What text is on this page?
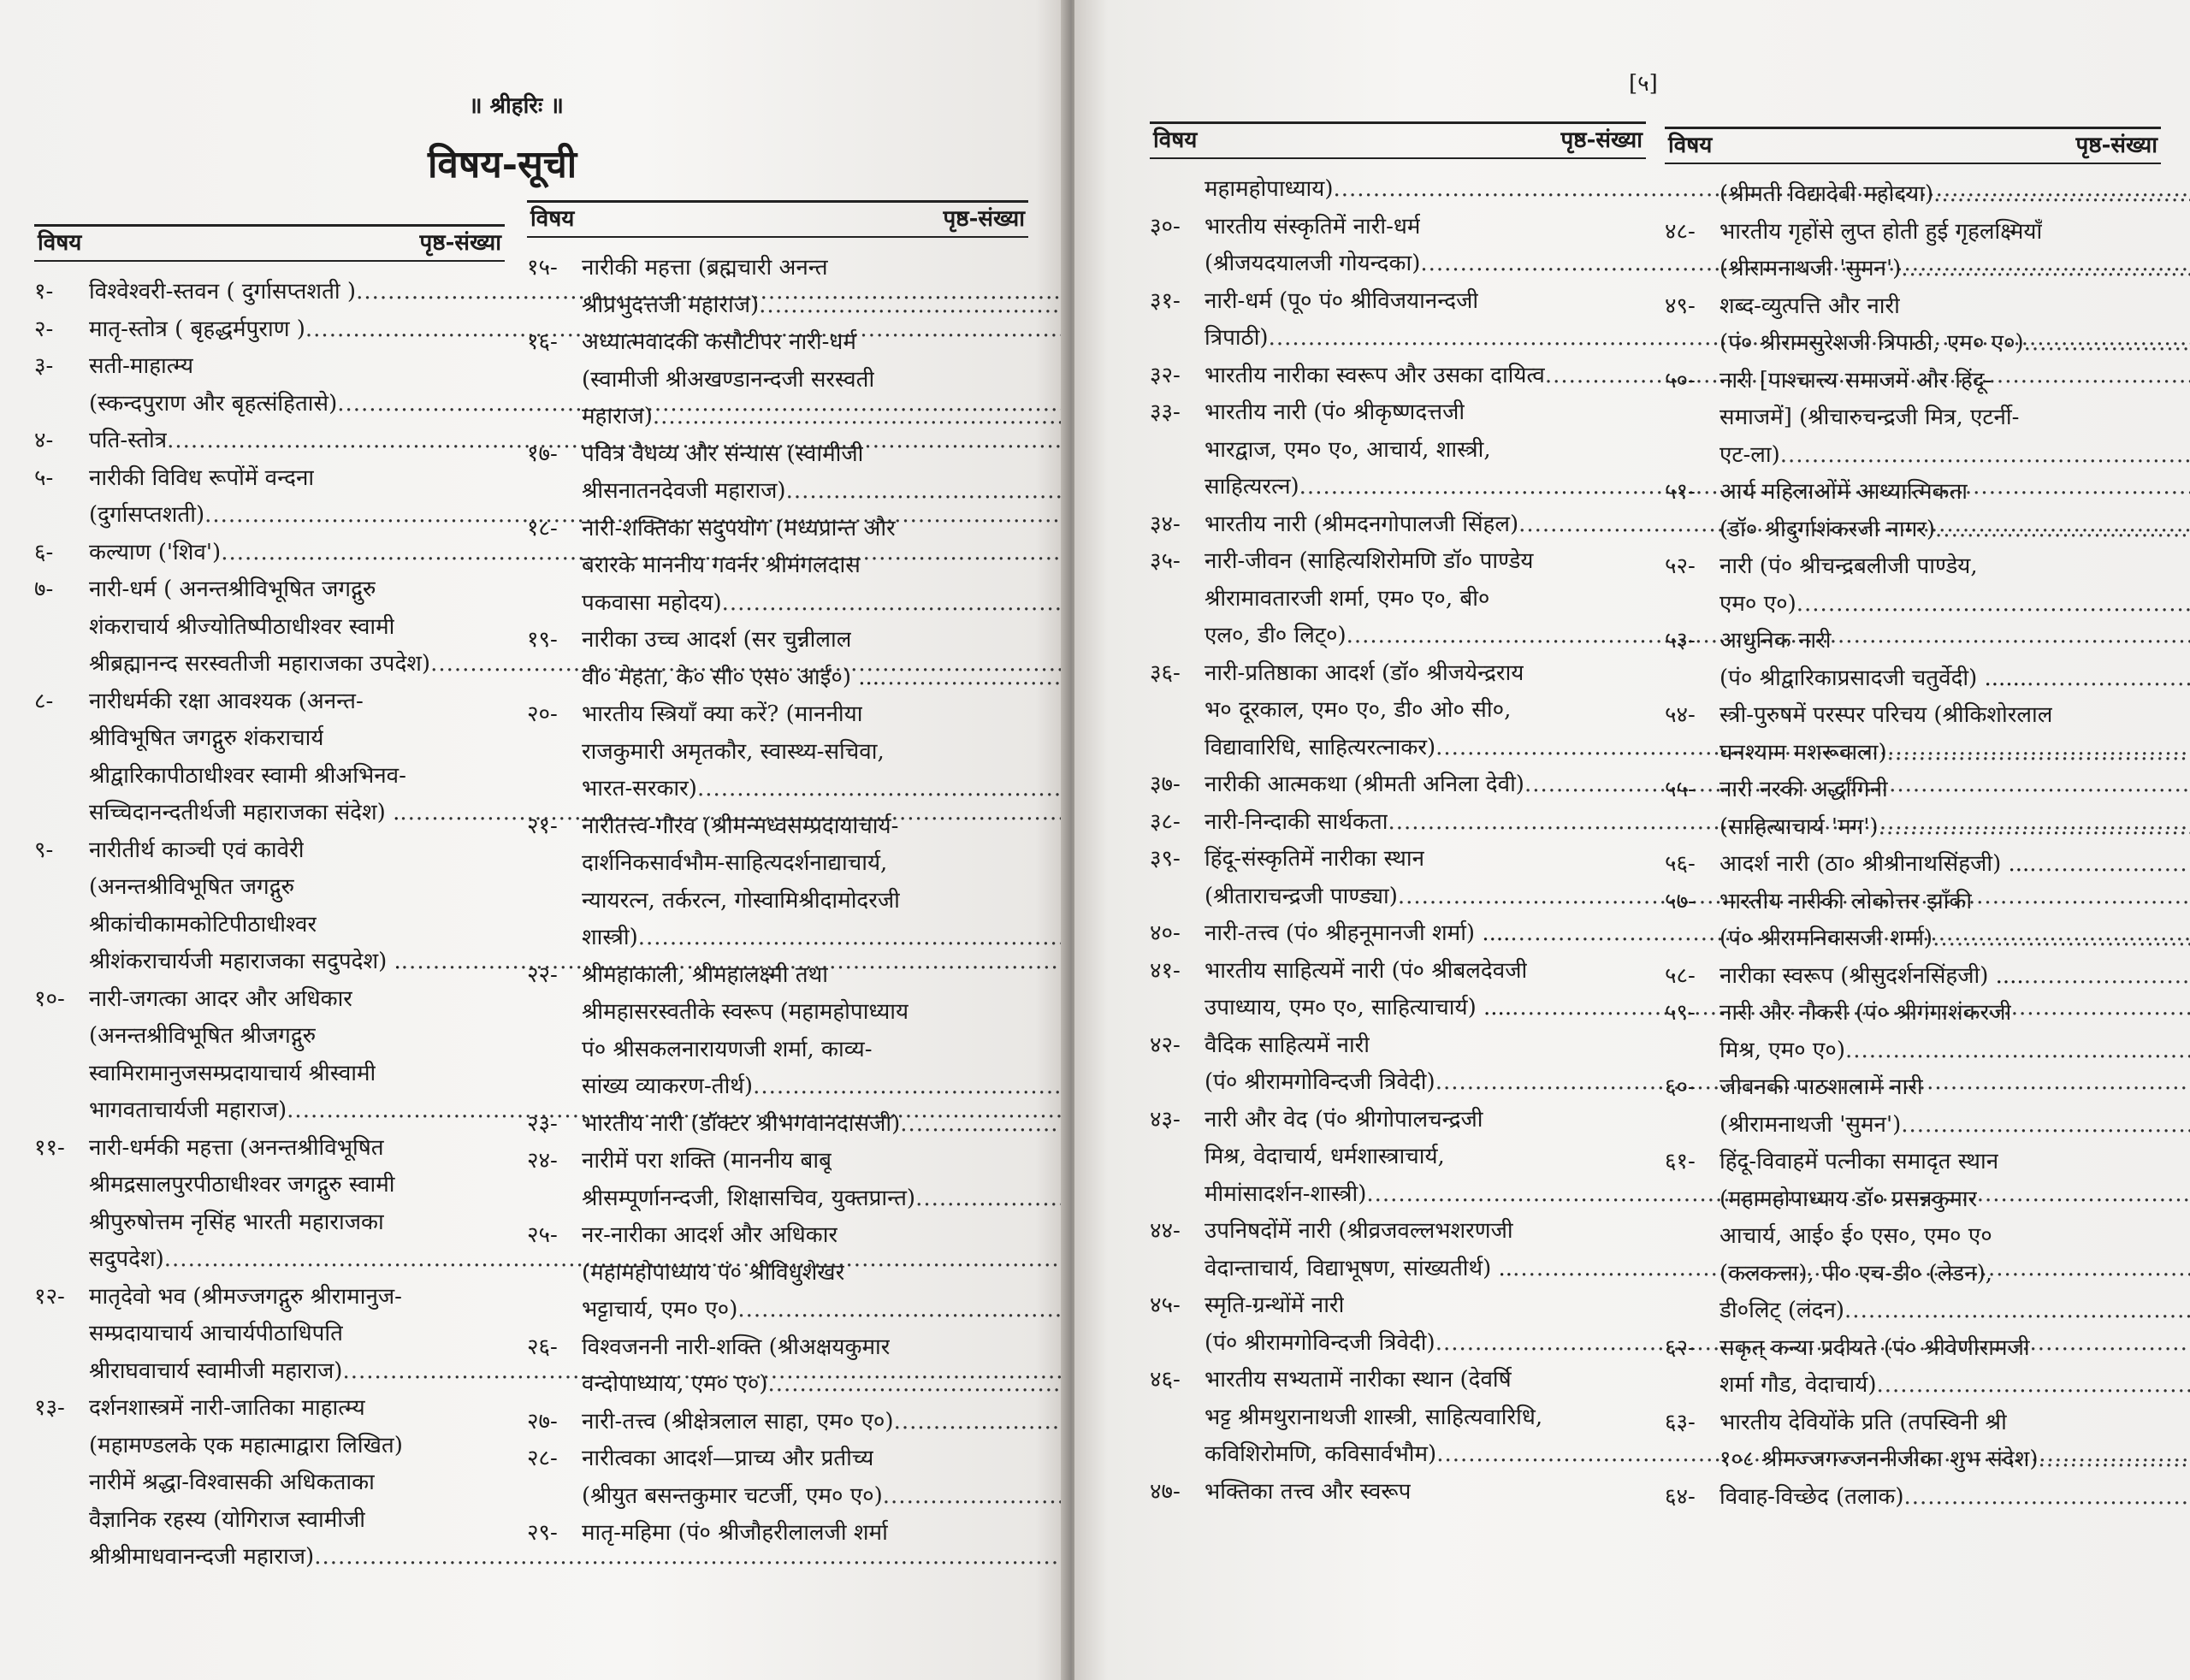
॥ श्रीहरिः ॥
विषय-सूची
विषय	पृष्ठ-संख्या
१-	विश्वेश्वरी-स्तवन ( दुर्गासप्तशती )
.....
२-	मातृ-स्तोत्र ( बृहद्धर्मपुराण )
.....
३-	सती-माहात्म्य
(स्कन्दपुराण और बृहत्संहितासे)
.....
४-	पति-स्तोत्र
.....
५-	नारीकी विविध रूपोंमें वन्दना
(दुर्गासप्तशती)
.....
६-	कल्याण ('शिव')
.....
७-	नारी-धर्म ( अनन्तश्रीविभूषित जगद्गुरु
शंकराचार्य श्रीज्योतिष्पीठाधीश्वर स्वामी
श्रीब्रह्मानन्द सरस्वतीजी महाराजका उपदेश)
.....
८-	नारीधर्मकी रक्षा आवश्यक (अनन्त-
श्रीविभूषित जगद्गुरु शंकराचार्य
श्रीद्वारिकापीठाधीश्वर स्वामी श्रीअभिनव-
सच्चिदानन्दतीर्थजी महाराजका संदेश) .
.....
९-	नारीतीर्थ काञ्ची एवं कावेरी
(अनन्तश्रीविभूषित जगद्गुरु
श्रीकांचीकामकोटिपीठाधीश्वर
श्रीशंकराचार्यजी महाराजका सदुपदेश) .
.....
१०-	नारी-जगत्का आदर और अधिकार
(अनन्तश्रीविभूषित श्रीजगद्गुरु
स्वामिरामानुजसम्प्रदायाचार्य श्रीस्वामी
भागवताचार्यजी महाराज)
.....
११-	नारी-धर्मकी महत्ता (अनन्तश्रीविभूषित
श्रीमद्रसालपुरपीठाधीश्वर जगद्गुरु स्वामी
श्रीपुरुषोत्तम नृसिंह भारती महाराजका
सदुपदेश)
.....
१२-	मातृदेवो भव (श्रीमज्जगद्गुरु श्रीरामानुज-
सम्प्रदायाचार्य आचार्यपीठाधिपति
श्रीराघवाचार्य स्वामीजी महाराज)
.....
१३-	दर्शनशास्त्रमें नारी-जातिका माहात्म्य
(महामण्डलके एक महात्माद्वारा लिखित)
नारीमें श्रद्धा-विश्वासकी अधिकताका
वैज्ञानिक रहस्य (योगिराज स्वामीजी
श्रीश्रीमाधवानन्दजी महाराज)
.....
विषय	पृष्ठ-संख्या
१५-	नारीकी महत्ता (ब्रह्मचारी अनन्त
श्रीप्रभुदत्तजी महाराज)
.....
१६-	अध्यात्मवादकी कसौटीपर नारी-धर्म
(स्वामीजी श्रीअखण्डानन्दजी सरस्वती
महाराज)
.....
१७-	पवित्र वैधव्य और संन्यास (स्वामीजी
श्रीसनातनदेवजी महाराज)
.....
१८-	नारी-शक्तिका सदुपयोग (मध्यप्रान्त और
बरारके माननीय गवर्नर श्रीमंगलदास
पकवासा महोदय)
.....
१९-	नारीका उच्च आदर्श (सर चुन्नीलाल
वी० मेहता, के० सी० एस० आई०) ...
.....
२०-	भारतीय स्त्रियाँ क्या करें? (माननीया
राजकुमारी अमृतकौर, स्वास्थ्य-सचिवा,
भारत-सरकार)
.....
२१-	नारीतत्त्व-गौरव (श्रीमन्मध्वसम्प्रदायाचार्य-
दार्शनिकसार्वभौम-साहित्यदर्शनाद्याचार्य,
न्यायरत्न, तर्करत्न, गोस्वामिश्रीदामोदरजी
शास्त्री)
.....
२२-	श्रीमहाकाली, श्रीमहालक्ष्मी तथा
श्रीमहासरस्वतीके स्वरूप (महामहोपाध्याय
पं० श्रीसकलनारायणजी शर्मा, काव्य-
सांख्य व्याकरण-तीर्थ)
.....
२३-	भारतीय नारी (डॉक्टर श्रीभगवानदासजी)
.....
२४-	नारीमें परा शक्ति (माननीय बाबू
श्रीसम्पूर्णानन्दजी, शिक्षासचिव, युक्तप्रान्त)
.....
२५-	नर-नारीका आदर्श और अधिकार
(महामहोपाध्याय पं० श्रीविधुशेखर
भट्टाचार्य, एम० ए०)
.....
२६-	विश्वजननी नारी-शक्ति (श्रीअक्षयकुमार
वन्दोपाध्याय, एम० ए०)
.....
२७-	नारी-तत्त्व (श्रीक्षेत्रलाल साहा, एम० ए०)
.....
२८-	नारीत्वका आदर्श—प्राच्य और प्रतीच्य
(श्रीयुत बसन्तकुमार चटर्जी, एम० ए०)
.....
२९-	मातृ-महिमा (पं० श्रीजौहरीलालजी शर्मा
[५]
विषय	पृष्ठ-संख्या
महामहोपाध्याय)
.....
३०-	भारतीय संस्कृतिमें नारी-धर्म
(श्रीजयदयालजी गोयन्दका)
.....
३१-	नारी-धर्म (पू० पं० श्रीविजयानन्दजी
त्रिपाठी)
.....
३२-	भारतीय नारीका स्वरूप और उसका दायित्व
.....
३३-	भारतीय नारी (पं० श्रीकृष्णदत्तजी
भारद्वाज, एम० ए०, आचार्य, शास्त्री,
साहित्यरत्न)
.....
३४-	भारतीय नारी (श्रीमदनगोपालजी सिंहल)
.....
३५-	नारी-जीवन (साहित्यशिरोमणि डॉ० पाण्डेय
श्रीरामावतारजी शर्मा, एम० ए०, बी०
एल०, डी० लिट्०)
.....
३६-	नारी-प्रतिष्ठाका आदर्श (डॉ० श्रीजयेन्द्रराय
भ० दूरकाल, एम० ए०, डी० ओ० सी०,
विद्यावारिधि, साहित्यरत्नाकर)
.....
३७-	नारीकी आत्मकथा (श्रीमती अनिला देवी)
.....
३८-	नारी-निन्दाकी सार्थकता
.....
३९-	हिंदू-संस्कृतिमें नारीका स्थान
(श्रीताराचन्द्रजी पाण्ड्या)
.....
४०-	नारी-तत्त्व (पं० श्रीहनूमानजी शर्मा) ....
.....
४१-	भारतीय साहित्यमें नारी (पं० श्रीबलदेवजी
उपाध्याय, एम० ए०, साहित्याचार्य) ....
.....
४२-	वैदिक साहित्यमें नारी
(पं० श्रीरामगोविन्दजी त्रिवेदी)
.....
४३-	नारी और वेद (पं० श्रीगोपालचन्द्रजी
मिश्र, वेदाचार्य, धर्मशास्त्राचार्य,
मीमांसादर्शन-शास्त्री)
.....
४४-	उपनिषदोंमें नारी (श्रीव्रजवल्लभशरणजी
वेदान्ताचार्य, विद्याभूषण, सांख्यतीर्थ) ..
.....
४५-	स्मृति-ग्रन्थोंमें नारी
(पं० श्रीरामगोविन्दजी त्रिवेदी)
.....
४६-	भारतीय सभ्यतामें नारीका स्थान (देवर्षि
भट्ट श्रीमथुरानाथजी शास्त्री, साहित्यवारिधि,
कविशिरोमणि, कविसार्वभौम)
.....
४७-	भक्तिका तत्त्व और स्वरूप
विषय	पृष्ठ-संख्या
(श्रीमती विद्यादेवी महोदया)
.....
४८-	भारतीय गृहोंसे लुप्त होती हुई गृहलक्ष्मियाँ
(श्रीरामनाथजी 'सुमन')
.....
४९-	शब्द-व्युत्पत्ति और नारी
(पं० श्रीरामसुरेशजी त्रिपाठी, एम० ए०)
.....
५०-	नारी [पाश्चात्त्य समाजमें और हिंदू-
समाजमें] (श्रीचारुचन्द्रजी मित्र, एटर्नी-
एट-ला)
.....
५१-	आर्य महिलाओंमें आध्यात्मिकता
(डॉ० श्रीदुर्गाशंकरजी नागर)
.....
५२-	नारी (पं० श्रीचन्द्रबलीजी पाण्डेय,
एम० ए०)
.....
५३-	आधुनिक नारी
(पं० श्रीद्वारिकाप्रसादजी चतुर्वेदी) ......
.....
५४-	स्त्री-पुरुषमें परस्पर परिचय (श्रीकिशोरलाल
घनश्याम मशरूवाला)
.....
५५-	नारी नरकी अर्द्धांगिनी
(साहित्याचार्य 'मग')
.....
५६-	आदर्श नारी (ठा० श्रीश्रीनाथसिंहजी) ...
.....
५७-	भारतीय नारीकी लोकोत्तर झाँकी
(पं० श्रीरामनिवासजी शर्मा)
.....
५८-	नारीका स्वरूप (श्रीसुदर्शनसिंहजी) ....
.....
५९-	नारी और नौकरी (पं० श्रीगंगाशंकरजी
मिश्र, एम० ए०)
.....
६०-	जीवनकी पाठशालामें नारी
(श्रीरामनाथजी 'सुमन')
.....
६१-	हिंदू-विवाहमें पत्नीका समादृत स्थान
(महामहोपाध्याय डॉ० प्रसन्नकुमार
आचार्य, आई० ई० एस०, एम० ए०
(कलकत्ता), पी० एच-डी० (लेडन),
डी०लिट् (लंदन)
.....
६२-	सकृत् कन्या प्रदीयते (पं० श्रीवेणीरामजी
शर्मा गौड, वेदाचार्य)
.....
६३-	भारतीय देवियोंके प्रति (तपस्विनी श्री
१०८ श्रीमज्जगज्जननीजीका शुभ संदेश)
.....
६४-	विवाह-विच्छेद (तलाक)
.....
